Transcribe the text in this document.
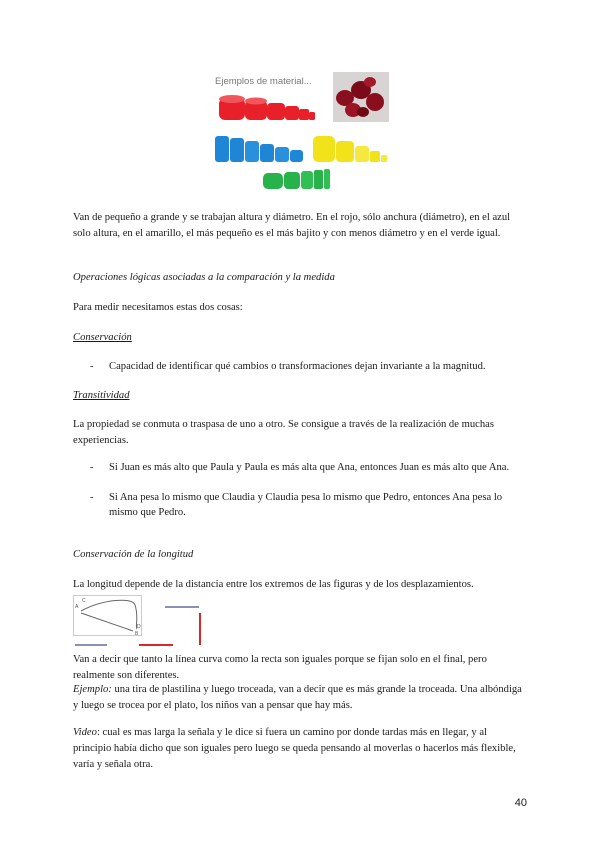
Ejemplos de material...

Van de pequeño a grande y se trabajan altura y diámetro. En el rojo, sólo anchura (diámetro), en el azul solo altura, en el amarillo, el más pequeño es el más bajito y con menos diámetro y en el verde igual.

Operaciones lógicas asociadas a la comparación y la medida

Para medir necesitamos estas dos cosas:

Conservación

- Capacidad de identificar qué cambios o transformaciones dejan invariante a la magnitud.

Transitividad

La propiedad se conmuta o traspasa de uno a otro. Se consigue a través de la realización de muchas experiencias.

- Si Juan es más alto que Paula y Paula es más alta que Ana, entonces Juan es más alto que Ana.
- Si Ana pesa lo mismo que Claudia y Claudia pesa lo mismo que Pedro, entonces Ana pesa lo mismo que Pedro.

Conservación de la longitud

La longitud depende de la distancia entre los extremos de las figuras y de los desplazamientos.

A
C
B
D

Van a decir que tanto la línea curva como la recta son iguales porque se fijan solo en el final, pero realmente son diferentes.

Ejemplo: una tira de plastilina y luego troceada, van a decir que es más grande la troceada. Una albóndiga y luego se trocea por el plato, los niños van a pensar que hay más.

Video: cual es mas larga la señala y le dice si fuera un camino por donde tardas más en llegar, y al principio había dicho que son iguales pero luego se queda pensando al moverlas o hacerlos más flexible, varía y señala otra.

40
